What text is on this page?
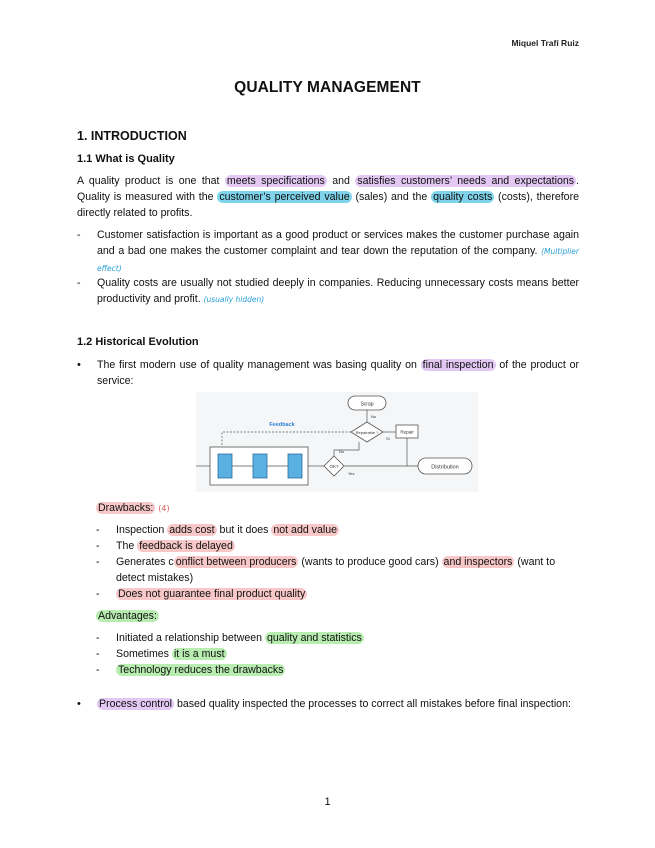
Miquel Trafí Ruiz
QUALITY MANAGEMENT
1. INTRODUCTION
1.1 What is Quality
A quality product is one that meets specifications and satisfies customers’ needs and expectations . Quality is measured with the customer’s perceived value (sales) and the quality costs (costs), therefore directly related to profits.
- Customer satisfaction is important as a good product or services makes the customer purchase again and a bad one makes the customer complaint and tear down the reputation of the company. (Multiplier effect)
- Quality costs are usually not studied deeply in companies. Reducing unnecessary costs means better productivity and profit. (usually hidden)
1.2 Historical Evolution
• The first modern use of quality management was basing quality on final inspection of the product or service:
Scrap
No
Repairable ?	Repair
Sí
Feedback
OK?
No
Yes
Distribution
Drawbacks: (4)
- Inspection adds cost but it does not add value
- The feedback is delayed
- Generates c onflict between producers (wants to produce good cars) and inspectors (want to detect mistakes)
- Does not guarantee final product quality
Advantages:
- Initiated a relationship between quality and statistics
- Sometimes it is a must
- Technology reduces the drawbacks
• Process control based quality inspected the processes to correct all mistakes before final inspection:
1
